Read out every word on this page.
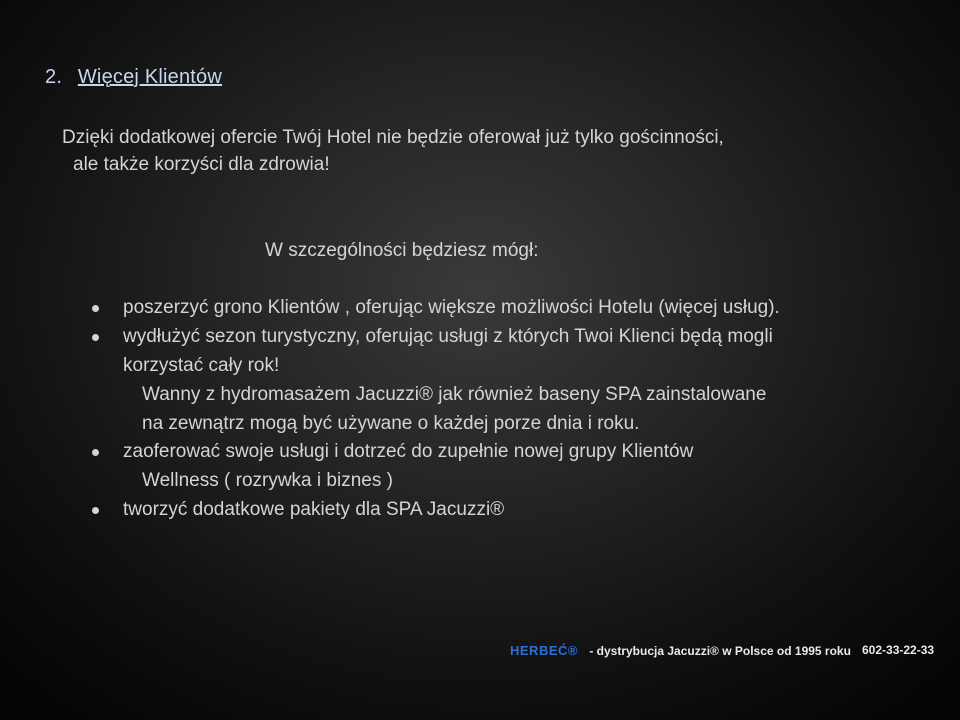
2. Więcej Klientów
Dzięki dodatkowej ofercie Twój Hotel nie będzie oferował już tylko gościnności,
ale także korzyści dla zdrowia!
W szczególności będziesz mógł:
poszerzyć grono Klientów , oferując większe możliwości Hotelu (więcej usług).
wydłużyć sezon turystyczny, oferując usługi z których Twoi Klienci będą mogli
korzystać cały rok!
Wanny z hydromasażem Jacuzzi® jak również baseny SPA zainstalowane
na zewnątrz mogą być używane o każdej porze dnia i roku.
zaoferować swoje usługi i dotrzeć do zupełnie nowej grupy Klientów
Wellness ( rozrywka i biznes )
tworzyć dodatkowe pakiety dla SPA Jacuzzi®
HERBEĆ® - dystrybucja Jacuzzi® w Polsce od 1995 roku 602-33-22-33
